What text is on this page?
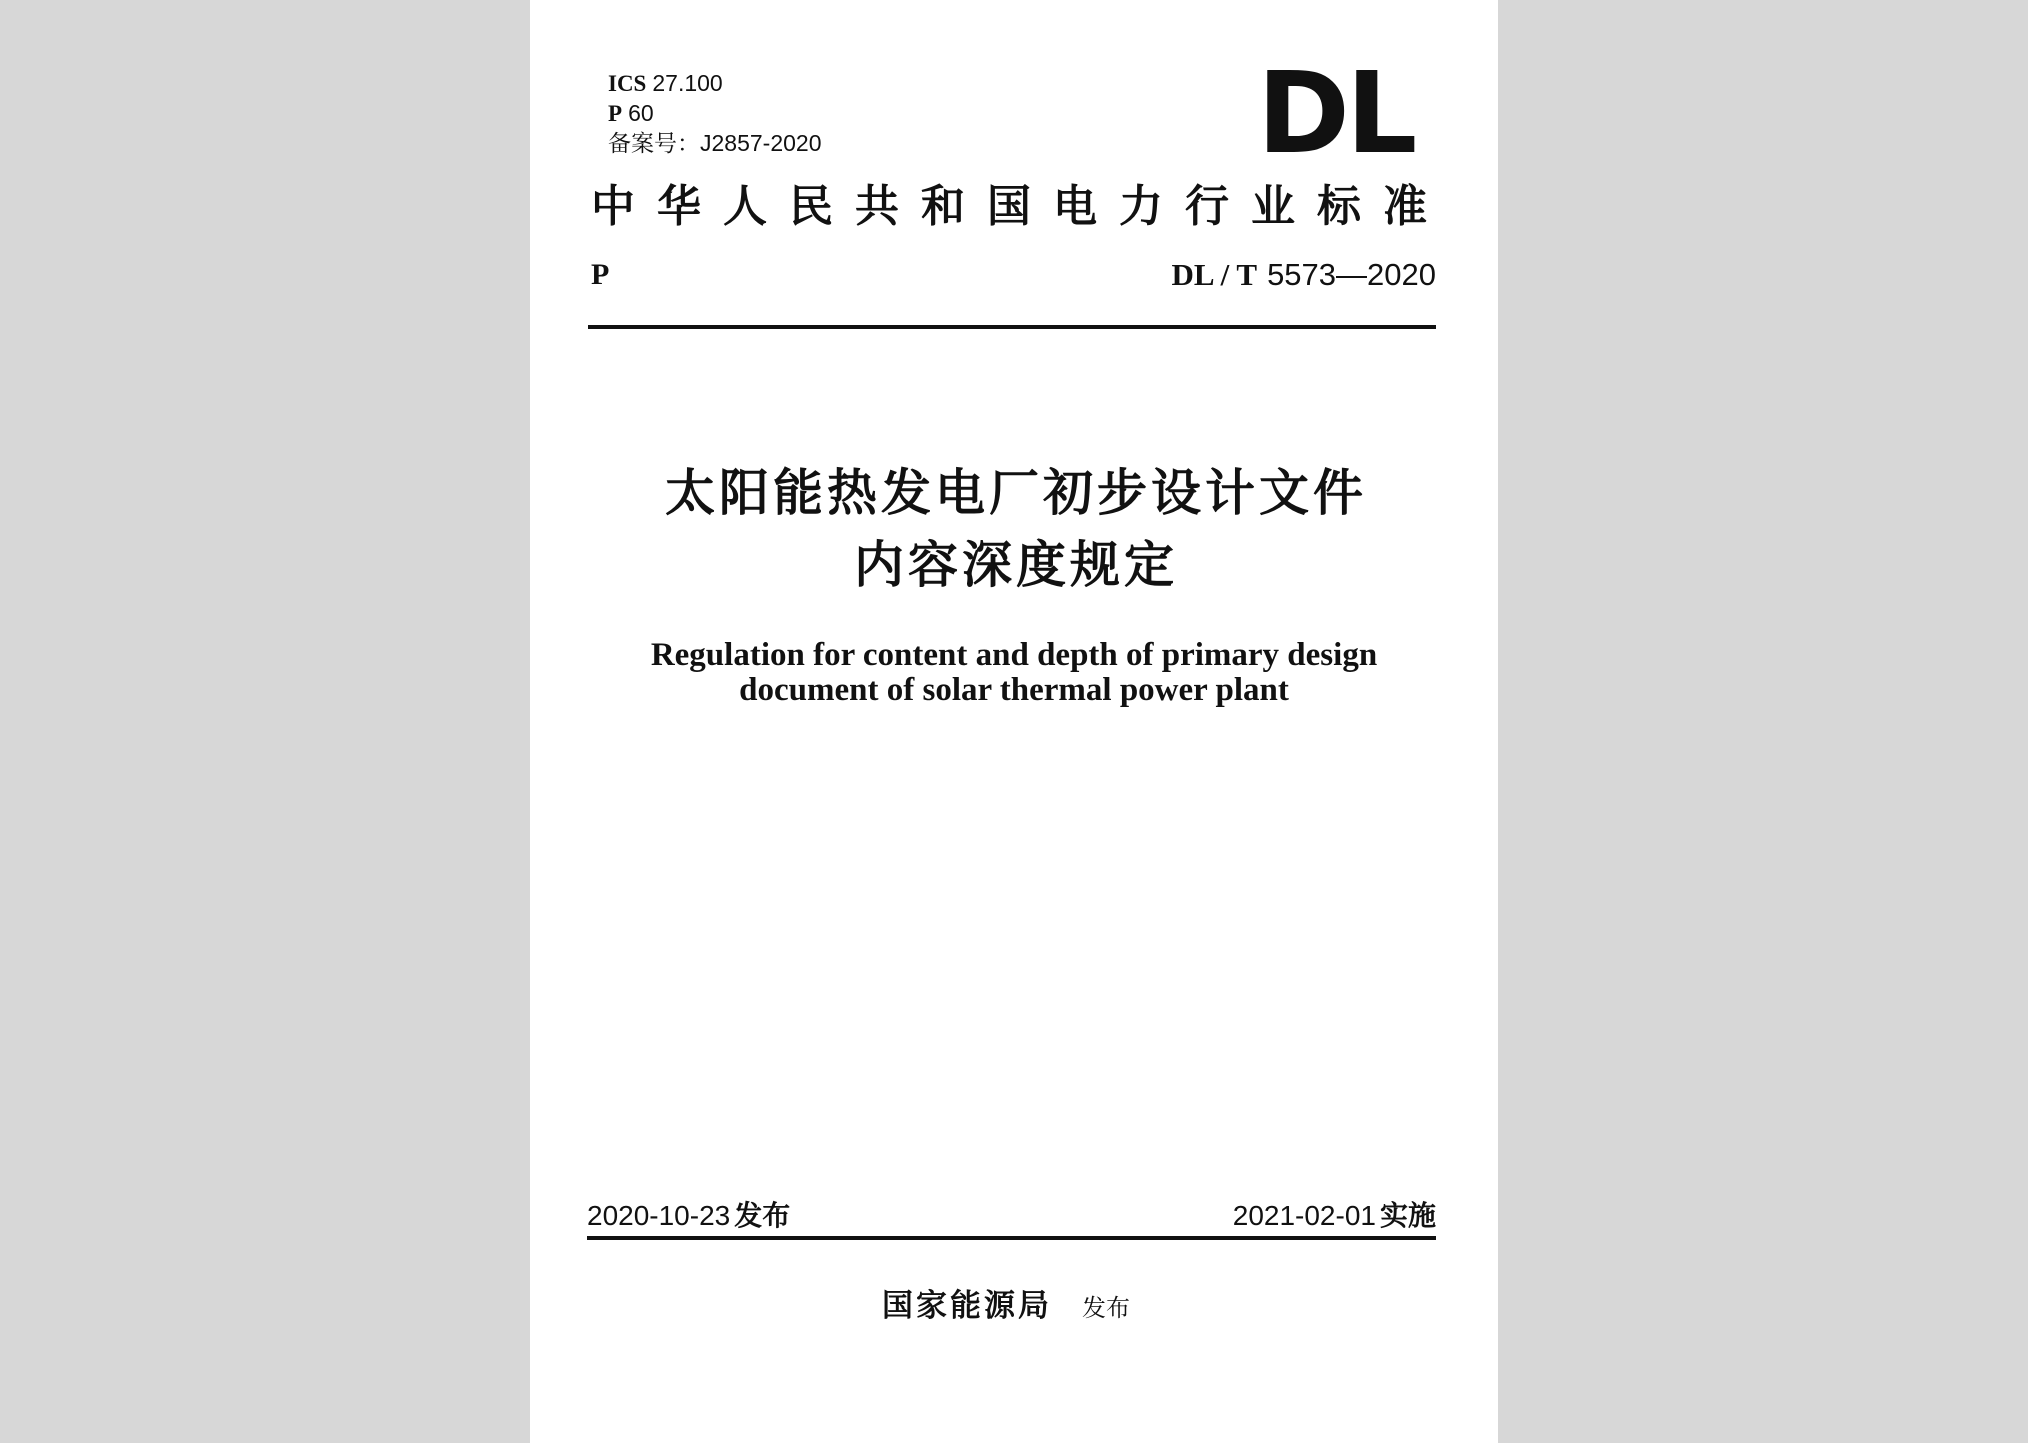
ICS 27.100
P 60
备案号：J2857-2020	DL
中华人民共和国电力行业标准
P	DL / T 5573—2020
太阳能热发电厂初步设计文件
内容深度规定
Regulation for content and depth of primary design
document of solar thermal power plant
2020-10-23 发布	2021-02-01 实施
国家能源局 发布
